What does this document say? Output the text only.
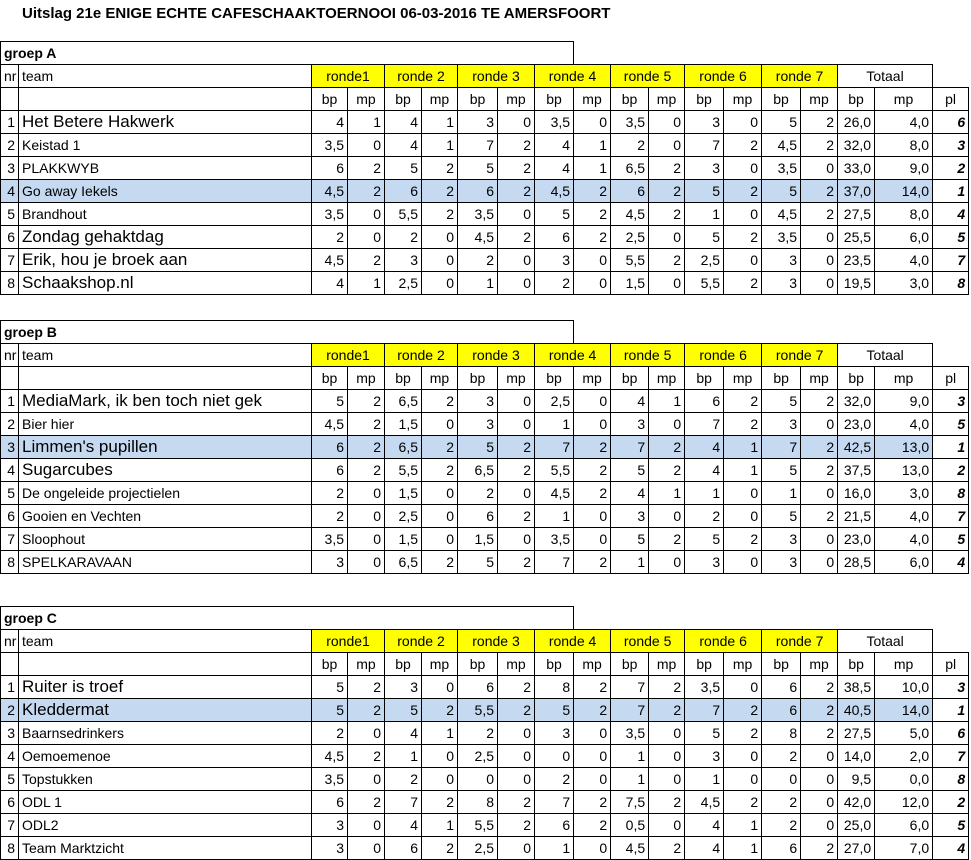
Uitslag 21e ENIGE ECHTE CAFESCHAAKTOERNOOI 06-03-2016 TE AMERSFOORT
groep A																		
nr	team	ronde1		ronde 2		ronde 3		ronde 4		ronde 5		ronde 6		ronde 7		Totaal		
		bp	mp	bp	mp	bp	mp	bp	mp	bp	mp	bp	mp	bp	mp	bp	mp	pl
1	Het Betere Hakwerk	4	1	4	1	3	0	3,5	0	3,5	0	3	0	5	2	26,0	4,0	6
2	Keistad 1	3,5	0	4	1	7	2	4	1	2	0	7	2	4,5	2	32,0	8,0	3
3	PLAKKWYB	6	2	5	2	5	2	4	1	6,5	2	3	0	3,5	0	33,0	9,0	2
4	Go away Iekels	4,5	2	6	2	6	2	4,5	2	6	2	5	2	5	2	37,0	14,0	1
5	Brandhout	3,5	0	5,5	2	3,5	0	5	2	4,5	2	1	0	4,5	2	27,5	8,0	4
6	Zondag gehaktdag	2	0	2	0	4,5	2	6	2	2,5	0	5	2	3,5	0	25,5	6,0	5
7	Erik, hou je broek aan	4,5	2	3	0	2	0	3	0	5,5	2	2,5	0	3	0	23,5	4,0	7
8	Schaakshop.nl	4	1	2,5	0	1	0	2	0	1,5	0	5,5	2	3	0	19,5	3,0	8
groep B																		
nr	team	ronde1		ronde 2		ronde 3		ronde 4		ronde 5		ronde 6		ronde 7		Totaal		
		bp	mp	bp	mp	bp	mp	bp	mp	bp	mp	bp	mp	bp	mp	bp	mp	pl
1	MediaMark, ik ben toch niet gek	5	2	6,5	2	3	0	2,5	0	4	1	6	2	5	2	32,0	9,0	3
2	Bier hier	4,5	2	1,5	0	3	0	1	0	3	0	7	2	3	0	23,0	4,0	5
3	Limmen's pupillen	6	2	6,5	2	5	2	7	2	7	2	4	1	7	2	42,5	13,0	1
4	Sugarcubes	6	2	5,5	2	6,5	2	5,5	2	5	2	4	1	5	2	37,5	13,0	2
5	De ongeleide projectielen	2	0	1,5	0	2	0	4,5	2	4	1	1	0	1	0	16,0	3,0	8
6	Gooien en Vechten	2	0	2,5	0	6	2	1	0	3	0	2	0	5	2	21,5	4,0	7
7	Sloophout	3,5	0	1,5	0	1,5	0	3,5	0	5	2	5	2	3	0	23,0	4,0	5
8	SPELKARAVAAN	3	0	6,5	2	5	2	7	2	1	0	3	0	3	0	28,5	6,0	4
groep C																		
nr	team	ronde1		ronde 2		ronde 3		ronde 4		ronde 5		ronde 6		ronde 7		Totaal		
		bp	mp	bp	mp	bp	mp	bp	mp	bp	mp	bp	mp	bp	mp	bp	mp	pl
1	Ruiter is troef	5	2	3	0	6	2	8	2	7	2	3,5	0	6	2	38,5	10,0	3
2	Kleddermat	5	2	5	2	5,5	2	5	2	7	2	7	2	6	2	40,5	14,0	1
3	Baarnsedrinkers	2	0	4	1	2	0	3	0	3,5	0	5	2	8	2	27,5	5,0	6
4	Oemoemenoe	4,5	2	1	0	2,5	0	0	0	1	0	3	0	2	0	14,0	2,0	7
5	Topstukken	3,5	0	2	0	0	0	2	0	1	0	1	0	0	0	9,5	0,0	8
6	ODL 1	6	2	7	2	8	2	7	2	7,5	2	4,5	2	2	0	42,0	12,0	2
7	ODL2	3	0	4	1	5,5	2	6	2	0,5	0	4	1	2	0	25,0	6,0	5
8	Team Marktzicht	3	0	6	2	2,5	0	1	0	4,5	2	4	1	6	2	27,0	7,0	4
